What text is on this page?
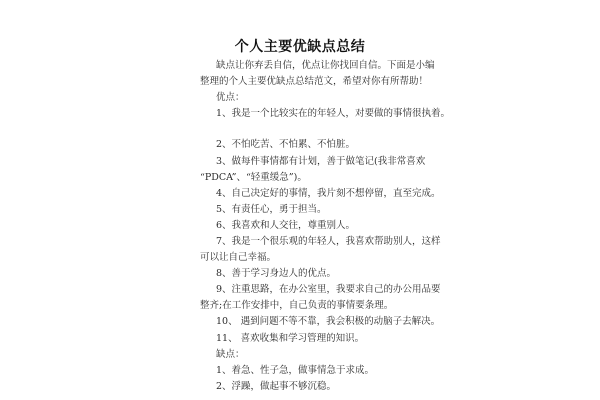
个人主要优缺点总结
缺点让你弃丢自信，优点让你找回自信。下面是小编
整理的个人主要优缺点总结范文，希望对你有所帮助！
优点：
1、我是一个比较实在的年轻人，对要做的事情很执着。
2、不怕吃苦、不怕累、不怕脏。
3、做每件事情都有计划，善于做笔记(我非常喜欢
“PDCA”、“轻重缓急”)。
4、自己决定好的事情，我片刻不想停留，直至完成。
5、有责任心，勇于担当。
6、我喜欢和人交往，尊重别人。
7、我是一个很乐观的年轻人，我喜欢帮助别人，这样
可以让自己幸福。
8、善于学习身边人的优点。
9、注重思路，在办公室里，我要求自己的办公用品要
整齐;在工作安排中，自己负责的事情要条理。
10、 遇到问题不等不靠，我会积极的动脑子去解决。
11、 喜欢收集和学习管理的知识。
缺点：
1、着急、性子急，做事情急于求成。
2、浮躁，做起事不够沉稳。
